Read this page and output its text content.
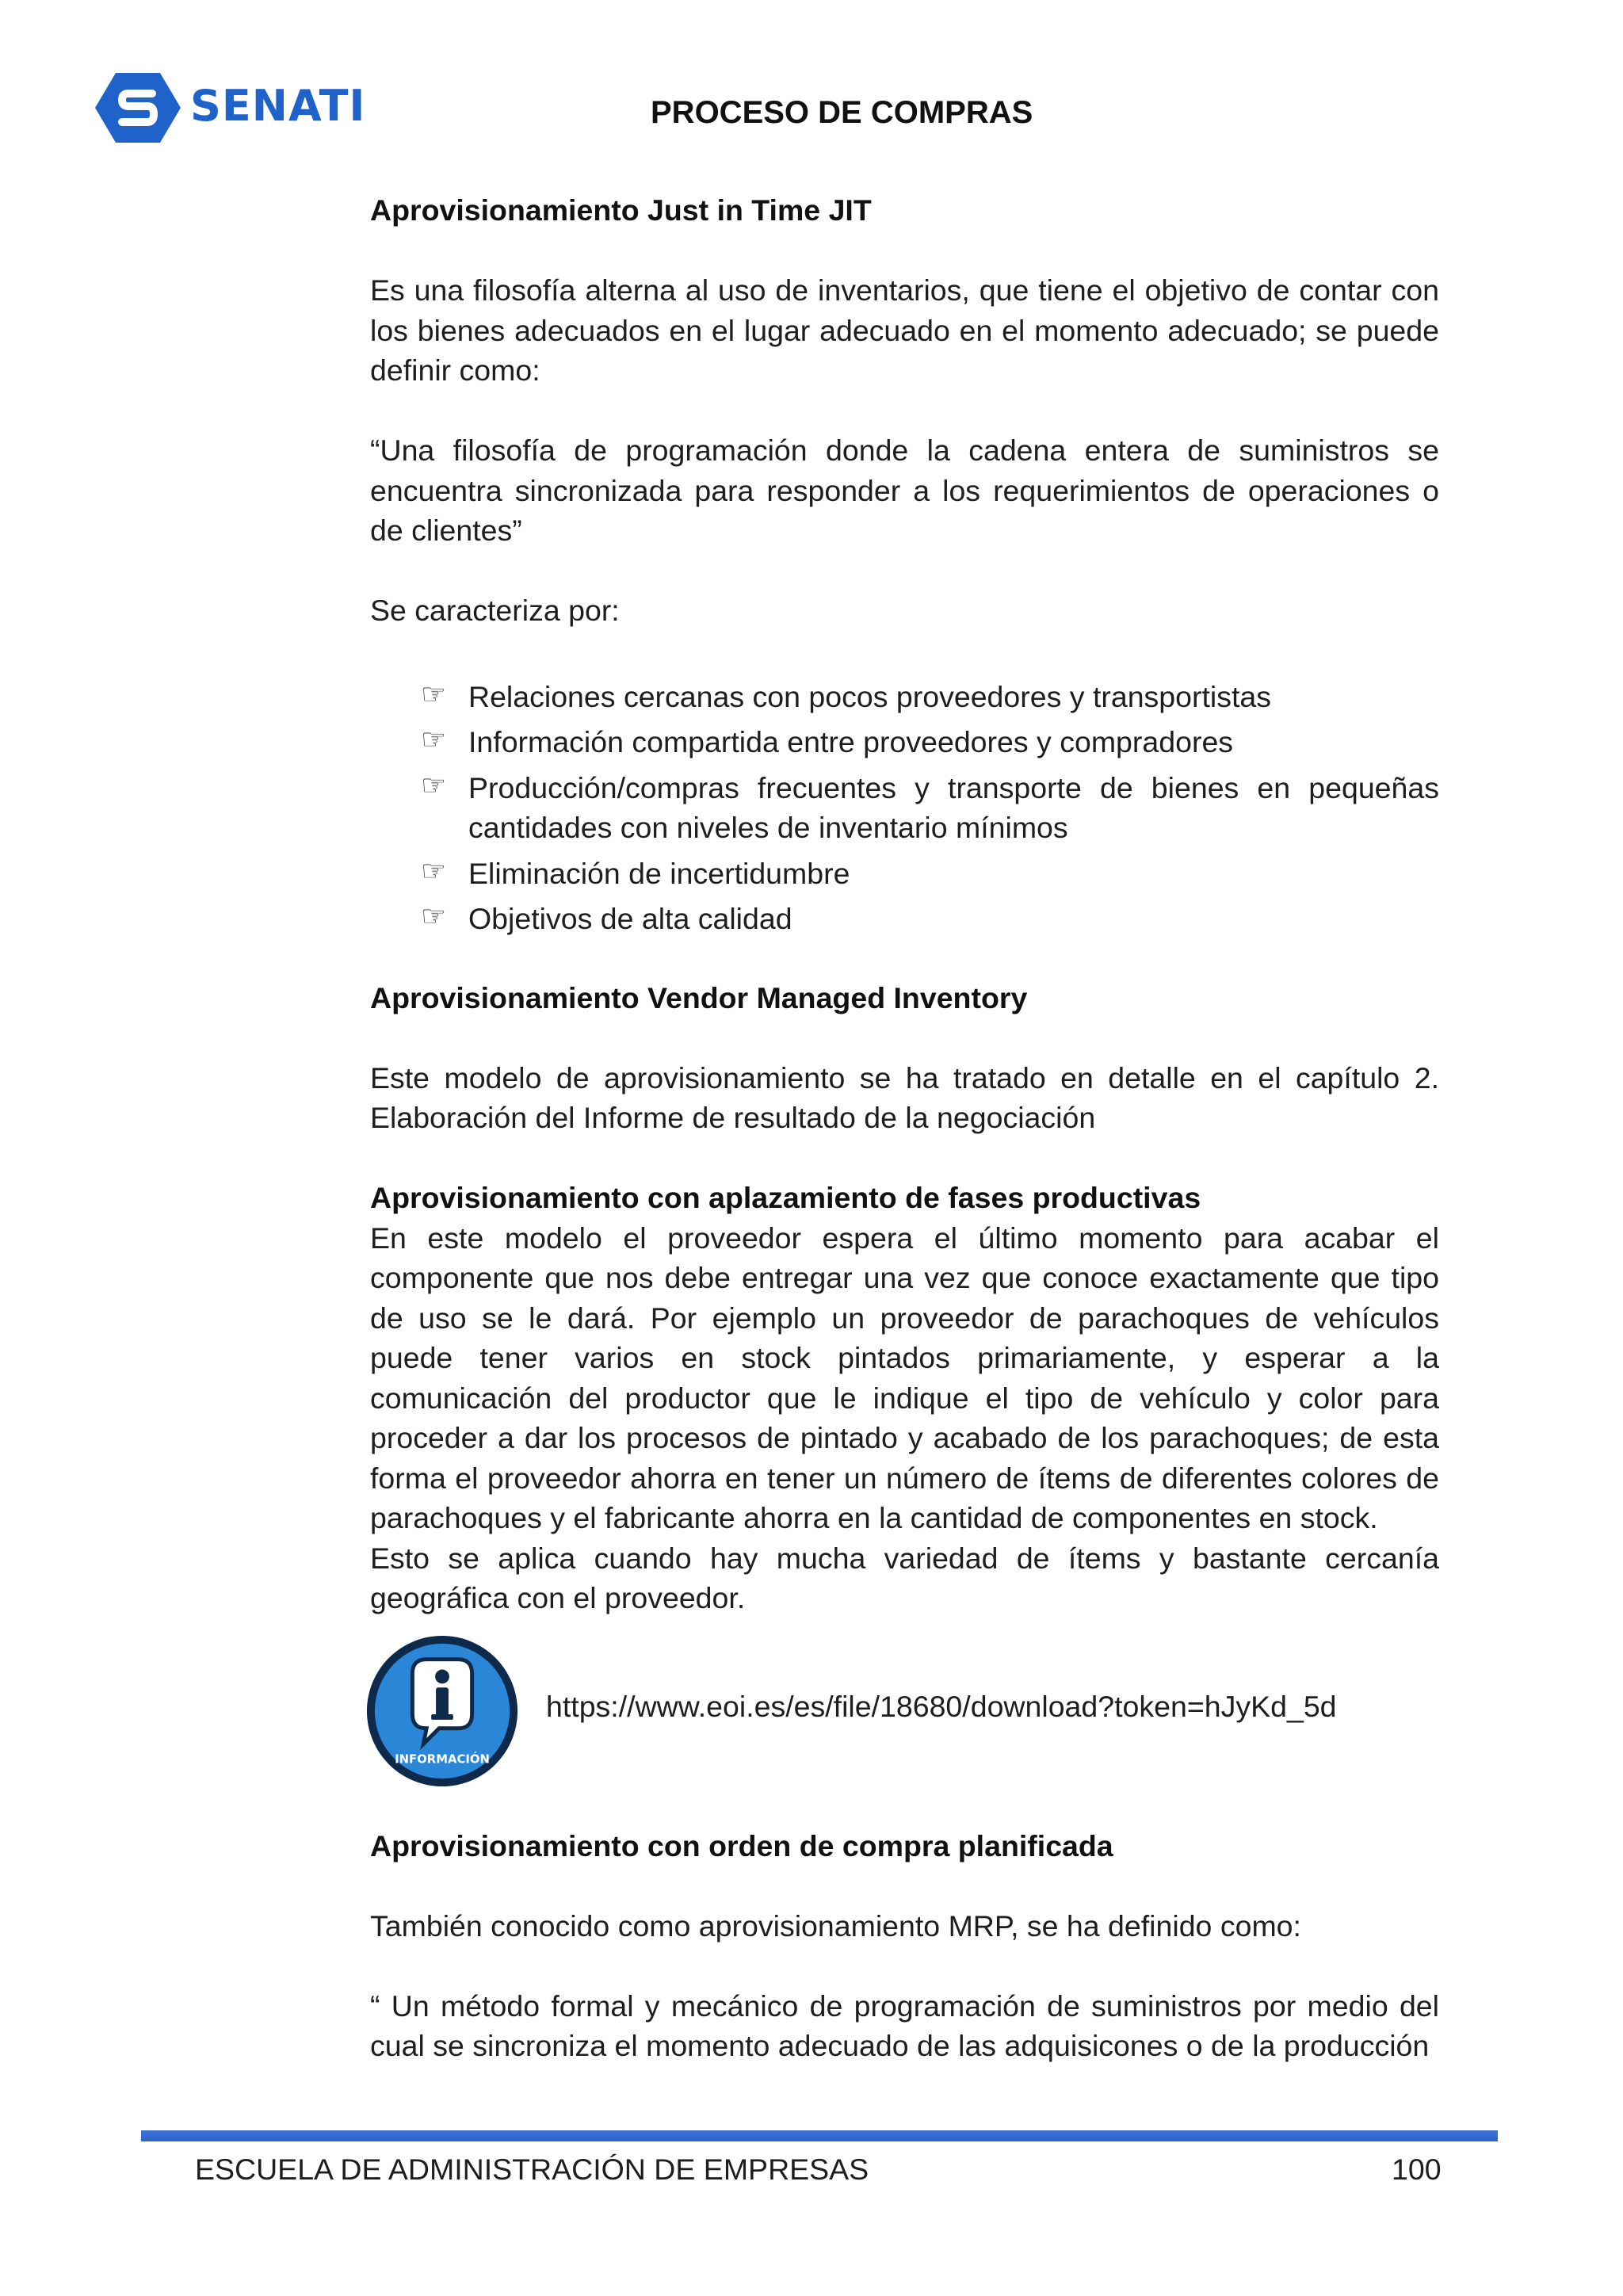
SENATI	PROCESO DE COMPRAS

Aprovisionamiento Just in Time JIT

Es una filosofía alterna al uso de inventarios, que tiene el objetivo de contar con los bienes adecuados en el lugar adecuado en el momento adecuado; se puede definir como:

“Una filosofía de programación donde la cadena entera de suministros se encuentra sincronizada para responder a los requerimientos de operaciones o de clientes”

Se caracteriza por:

☞ Relaciones cercanas con pocos proveedores y transportistas
☞ Información compartida entre proveedores y compradores
☞ Producción/compras frecuentes y transporte de bienes en pequeñas cantidades con niveles de inventario mínimos
☞ Eliminación de incertidumbre
☞ Objetivos de alta calidad

Aprovisionamiento Vendor Managed Inventory

Este modelo de aprovisionamiento se ha tratado en detalle en el capítulo 2. Elaboración del Informe de resultado de la negociación

Aprovisionamiento con aplazamiento de fases productivas

En este modelo el proveedor espera el último momento para acabar el componente que nos debe entregar una vez que conoce exactamente que tipo de uso se le dará. Por ejemplo un proveedor de parachoques de vehículos puede tener varios en stock pintados primariamente, y esperar a la comunicación del productor que le indique el tipo de vehículo y color para proceder a dar los procesos de pintado y acabado de los parachoques; de esta forma el proveedor ahorra en tener un número de ítems de diferentes colores de parachoques y el fabricante ahorra en la cantidad de componentes en stock.

Esto se aplica cuando hay mucha variedad de ítems y bastante cercanía geográfica con el proveedor.

INFORMACIÓN
https://www.eoi.es/es/file/18680/download?token=hJyKd_5d

Aprovisionamiento con orden de compra planificada

También conocido como aprovisionamiento MRP, se ha definido como:

“ Un método formal y mecánico de programación de suministros por medio del cual se sincroniza el momento adecuado de las adquisicones o de la producción

ESCUELA DE ADMINISTRACIÓN DE EMPRESAS	100
